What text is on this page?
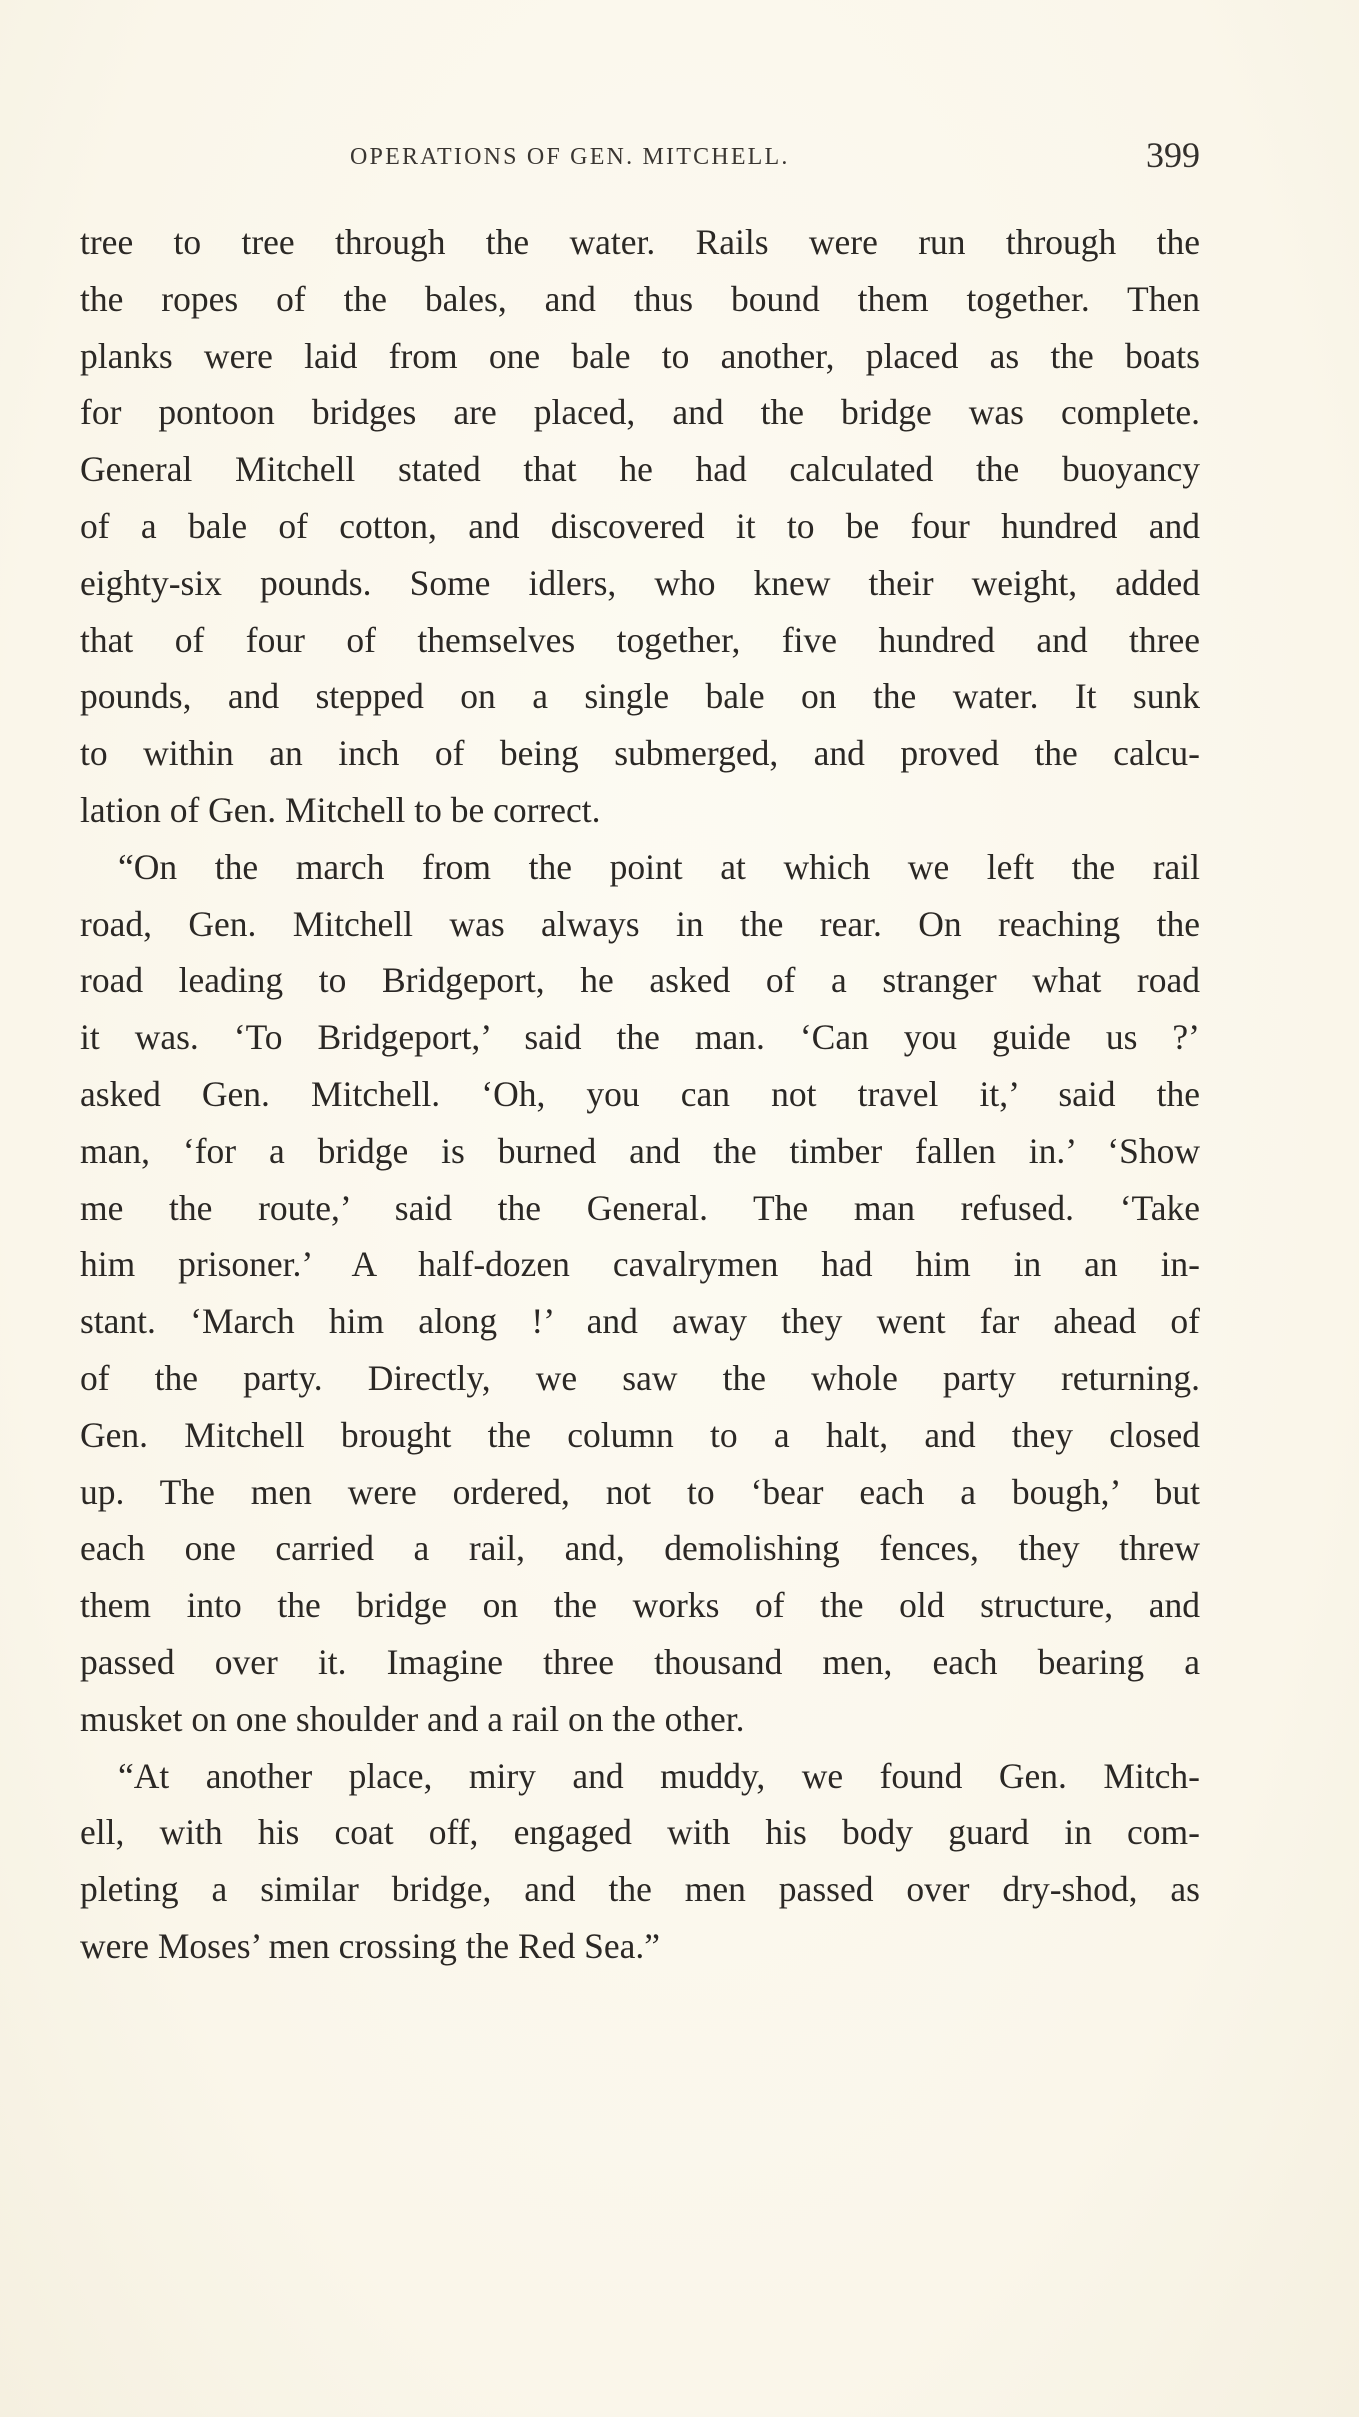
OPERATIONS OF GEN. MITCHELL.	399
tree to tree through the water. Rails were run through the
the ropes of the bales, and thus bound them together. Then
planks were laid from one bale to another, placed as the boats
for pontoon bridges are placed, and the bridge was complete.
General Mitchell stated that he had calculated the buoyancy
of a bale of cotton, and discovered it to be four hundred and
eighty-six pounds. Some idlers, who knew their weight, added
that of four of themselves together, five hundred and three
pounds, and stepped on a single bale on the water. It sunk
to within an inch of being submerged, and proved the calcu-
lation of Gen. Mitchell to be correct.
“On the march from the point at which we left the rail
road, Gen. Mitchell was always in the rear. On reaching the
road leading to Bridgeport, he asked of a stranger what road
it was. ‘To Bridgeport,’ said the man. ‘Can you guide us ?’
asked Gen. Mitchell. ‘Oh, you can not travel it,’ said the
man, ‘for a bridge is burned and the timber fallen in.’ ‘Show
me the route,’ said the General. The man refused. ‘Take
him prisoner.’ A half-dozen cavalrymen had him in an in-
stant. ‘March him along !’ and away they went far ahead of
of the party. Directly, we saw the whole party returning.
Gen. Mitchell brought the column to a halt, and they closed
up. The men were ordered, not to ‘bear each a bough,’ but
each one carried a rail, and, demolishing fences, they threw
them into the bridge on the works of the old structure, and
passed over it. Imagine three thousand men, each bearing a
musket on one shoulder and a rail on the other.
“At another place, miry and muddy, we found Gen. Mitch-
ell, with his coat off, engaged with his body guard in com-
pleting a similar bridge, and the men passed over dry-shod, as
were Moses’ men crossing the Red Sea.”
